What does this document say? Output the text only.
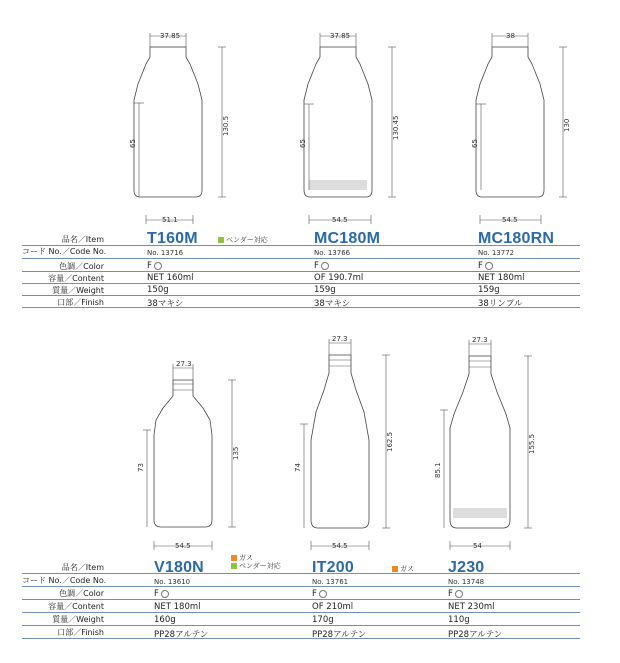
37.85
65
130.5
51.1
37.85
65
130.45
54.5
38
65
130
54.5
27.3
73
135
54.5
27.3
74
162.5
54.5
27.3
85.1
155.5
54
品名／Item
コード No.／Code No.
色調／Color
容量／Content
質量／Weight
口部／Finish
T160M	ベンダー対応
No. 13716
F
NET 160ml
150g
38マキシ
MC180M
No. 13766
F
OF 190.7ml
159g
38マキシ
MC180RN
No. 13772
F
NET 180ml
159g
38リンプル
品名／Item
コード No.／Code No.
色調／Color
容量／Content
質量／Weight
口部／Finish
V180N
ガス
ベンダー対応
No. 13610
F
NET 180ml
160g
PP28アルテン
IT200	ガス
No. 13761
F
OF 210ml
170g
PP28アルテン
J230
No. 13748
F
NET 230ml
110g
PP28アルテン
